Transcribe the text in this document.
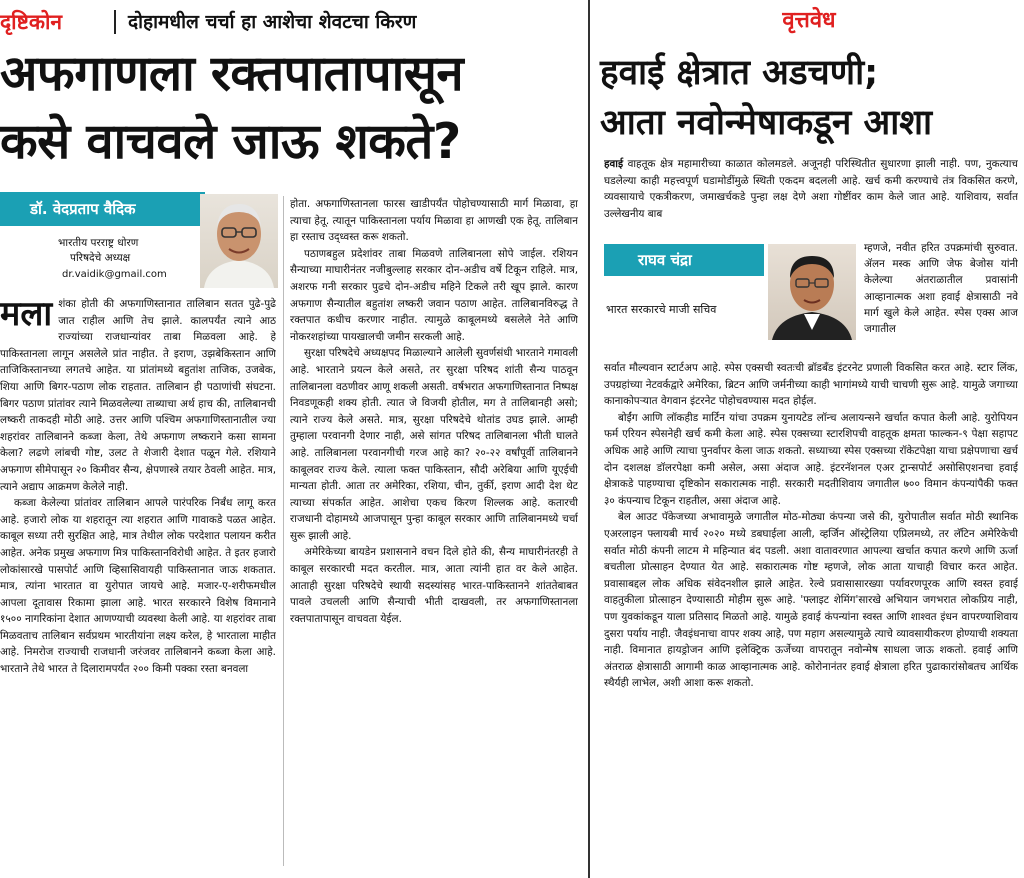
दृष्टिकोन	दोहामधील चर्चा हा आशेचा शेवटचा किरण
अफगाणला रक्तपातापासून
कसे वाचवले जाऊ शकते?
डॉ. वेदप्रताप वैदिक
भारतीय परराष्ट्र धोरण
परिषदेचे अध्यक्ष
dr.vaidik@gmail.com

मला शंका होती की अफगाणिस्तानात तालिबान सतत पुढे-पुढे जात राहील आणि तेच झाले. कालपर्यंत त्याने आठ राज्यांच्या राजधान्यांवर ताबा मिळवला आहे. हे पाकिस्तानला लागून असलेले प्रांत नाहीत. ते इराण, उझबेकिस्तान आणि ताजिकिस्तानच्या लगतचे आहेत. या प्रांतांमध्ये बहुतांश ताजिक, उजबेक, शिया आणि बिगर-पठाण लोक राहतात. तालिबान ही पठाणांची संघटना. बिगर पठाण प्रांतांवर त्याने मिळवलेल्या ताब्याचा अर्थ हाच की, तालिबानची लष्करी ताकदही मोठी आहे. उत्तर आणि पश्चिम अफगाणिस्तानातील ज्या शहरांवर तालिबानने कब्जा केला, तेथे अफगाण लष्कराने कसा सामना केला? लढणे लांबची गोष्ट, उलट ते शेजारी देशात पळून गेले. रशियाने अफगाण सीमेपासून २० किमीवर सैन्य, क्षेपणास्त्रे तयार ठेवली आहेत. मात्र, त्याने अद्याप आक्रमण केलेले नाही.

कब्जा केलेल्या प्रांतांवर तालिबान आपले पारंपरिक निर्बंध लागू करत आहे. हजारो लोक या शहरातून त्या शहरात आणि गावाकडे पळत आहेत. काबूल सध्या तरी सुरक्षित आहे, मात्र तेथील लोक परदेशात पलायन करीत आहेत. अनेक प्रमुख अफगाण मित्र पाकिस्तानविरोधी आहेत. ते इतर हजारो लोकांसारखे पासपोर्ट आणि व्हिसासिवायही पाकिस्तानात जाऊ शकतात. मात्र, त्यांना भारतात वा युरोपात जायचे आहे. मजार-ए-शरीफमधील आपला दूतावास रिकामा झाला आहे. भारत सरकारने विशेष विमानाने १५०० नागरिकांना देशात आणण्याची व्यवस्था केली आहे. या शहरांवर ताबा मिळवताच तालिबान सर्वप्रथम भारतीयांना लक्ष्य करेल, हे भारताला माहीत आहे. निमरोज राज्याची राजधानी जरंजवर तालिबानने कब्जा केला आहे. भारताने तेथे भारत ते दिलारामपर्यंत २०० किमी पक्का रस्ता बनवला

होता. अफगाणिस्तानला फारस खाडीपर्यंत पोहोचण्यासाठी मार्ग मिळावा, हा त्याचा हेतू. त्यातून पाकिस्तानला पर्याय मिळावा हा आणखी एक हेतू. तालिबान हा रस्ताच उद्ध्वस्त करू शकतो.

पठाणबहुल प्रदेशांवर ताबा मिळवणे तालिबानला सोपे जाईल. रशियन सैन्याच्या माघारीनंतर नजीबुल्लाह सरकार दोन-अडीच वर्षे टिकून राहिले. मात्र, अशरफ गनी सरकार पुढचे दोन-अडीच महिने टिकले तरी खूप झाले. कारण अफगाण सैन्यातील बहुतांश लष्करी जवान पठाण आहेत. तालिबानविरुद्ध ते रक्तपात कधीच करणार नाहीत. त्यामुळे काबूलमध्ये बसलेले नेते आणि नोकरशहांच्या पायखालची जमीन सरकली आहे.

सुरक्षा परिषदेचे अध्यक्षपद मिळाल्याने आलेली सुवर्णसंधी भारताने गमावली आहे. भारताने प्रयत्न केले असते, तर सुरक्षा परिषद शांती सैन्य पाठवून तालिबानला वठणीवर आणू शकली असती. वर्षभरात अफगाणिस्तानात निष्पक्ष निवडणूकही शक्य होती. त्यात जे विजयी होतील, मग ते तालिबानही असो; त्याने राज्य केले असते. मात्र, सुरक्षा परिषदेचे थोतांड उघड झाले. आम्ही तुम्हाला परवानगी देणार नाही, असे सांगत परिषद तालिबानला भीती घालते आहे. तालिबानला परवानगीची गरज आहे का? २०-२२ वर्षांपूर्वी तालिबानने काबूलवर राज्य केले. त्याला फक्त पाकिस्तान, सौदी अरेबिया आणि यूएईची मान्यता होती. आता तर अमेरिका, रशिया, चीन, तुर्की, इराण आदी देश थेट त्याच्या संपर्कात आहेत. आशेचा एकच किरण शिल्लक आहे. कतारची राजधानी दोहामध्ये आजपासून पुन्हा काबूल सरकार आणि तालिबानमध्ये चर्चा सुरू झाली आहे.

अमेरिकेच्या बायडेन प्रशासनाने वचन दिले होते की, सैन्य माघारीनंतरही ते काबूल सरकारची मदत करतील. मात्र, आता त्यांनी हात वर केले आहेत. आताही सुरक्षा परिषदेचे स्थायी सदस्यांसह भारत-पाकिस्तानने शांततेबाबत पावले उचलली आणि सैन्याची भीती दाखवली, तर अफगाणिस्तानला रक्तपातापासून वाचवता येईल.

वृत्तवेध
हवाई क्षेत्रात अडचणी;
आता नवोन्मेषाकडून आशा

हवाई वाहतूक क्षेत्र महामारीच्या काळात कोलमडले. अजूनही परिस्थितीत सुधारणा झाली नाही. पण, नुकत्याच घडलेल्या काही महत्त्वपूर्ण घडामोडींमुळे स्थिती एकदम बदलली आहे. खर्च कमी करण्याचे तंत्र विकसित करणे, व्यवसायाचे एकत्रीकरण, जमाखर्चकडे पुन्हा लक्ष देणे अशा गोष्टींवर काम केले जात आहे. याशिवाय, सर्वात उल्लेखनीय बाब

राघव चंद्रा
भारत सरकारचे माजी सचिव

म्हणजे, नवीत हरित उपक्रमांची सुरुवात. ॲलन मस्क आणि जेफ बेजोस यांनी केलेल्या अंतराळातील प्रवासांनी आव्हानात्मक अशा हवाई क्षेत्रासाठी नवे मार्ग खुले केले आहेत. स्पेस एक्स आज जगातील

सर्वात मौल्यवान स्टार्टअप आहे. स्पेस एक्सची स्वतःची ब्रॉडबँड इंटरनेट प्रणाली विकसित करत आहे. स्टार लिंक, उपग्रहांच्या नेटवर्कद्वारे अमेरिका, ब्रिटन आणि जर्मनीच्या काही भागांमध्ये याची चाचणी सुरू आहे. यामुळे जगाच्या कानाकोपऱ्यात वेगवान इंटरनेट पोहोचवण्यास मदत होईल.

बोईंग आणि लॉकहीड मार्टिन यांचा उपक्रम युनायटेड लॉन्च अलायन्सने खर्चात कपात केली आहे. युरोपियन फर्म एरियन स्पेसनेही खर्च कमी केला आहे. स्पेस एक्सच्या स्टारशिपची वाहतूक क्षमता फाल्कन-९ पेक्षा सहापट अधिक आहे आणि त्याचा पुनर्वापर केला जाऊ शकतो. सध्याच्या स्पेस एक्सच्या रॉकेटपेक्षा याचा प्रक्षेपणाचा खर्च दोन दशलक्ष डॉलरपेक्षा कमी असेल, असा अंदाज आहे. इंटरनॅशनल एअर ट्रान्सपोर्ट असोसिएशनचा हवाई क्षेत्राकडे पाहण्याचा दृष्टिकोन सकारात्मक नाही. सरकारी मदतीशिवाय जगातील ७०० विमान कंपन्यांपैकी फक्त ३० कंपन्याच टिकून राहतील, असा अंदाज आहे.

बेल आउट पॅकेजच्या अभावामुळे जगातील मोठ-मोठ्या कंपन्या जसे की, युरोपातील सर्वात मोठी स्थानिक एअरलाइन फ्लायबी मार्च २०२० मध्ये डबघाईला आली, व्हर्जिन ऑस्ट्रेलिया एप्रिलमध्ये, तर लॅटिन अमेरिकेची सर्वात मोठी कंपनी लाटम मे महिन्यात बंद पडली. अशा वातावरणात आपल्या खर्चात कपात करणे आणि ऊर्जा बचतीला प्रोत्साहन देण्यात येत आहे. सकारात्मक गोष्ट म्हणजे, लोक आता याचाही विचार करत आहेत. प्रवासाबद्दल लोक अधिक संवेदनशील झाले आहेत. रेल्वे प्रवासासारख्या पर्यावरणपूरक आणि स्वस्त हवाई वाहतुकीला प्रोत्साहन देण्यासाठी मोहीम सुरू आहे. 'फ्लाइट शेमिंग'सारखे अभियान जगभरात लोकप्रिय नाही, पण युवकांकडून याला प्रतिसाद मिळतो आहे. यामुळे हवाई कंपन्यांना स्वस्त आणि शाश्वत इंधन वापरण्याशिवाय दुसरा पर्याय नाही. जैवइंधनाचा वापर शक्य आहे, पण महाग असल्यामुळे त्याचे व्यावसायीकरण होण्याची शक्यता नाही. विमानात हायड्रोजन आणि इलेक्ट्रिक ऊर्जेच्या वापरातून नवोन्मेष साधला जाऊ शकतो. हवाई आणि अंतराळ क्षेत्रासाठी आगामी काळ आव्हानात्मक आहे. कोरोनानंतर हवाई क्षेत्राला हरित पुढाकारांसोबतच आर्थिक स्थैर्यही लाभेल, अशी आशा करू शकतो.
